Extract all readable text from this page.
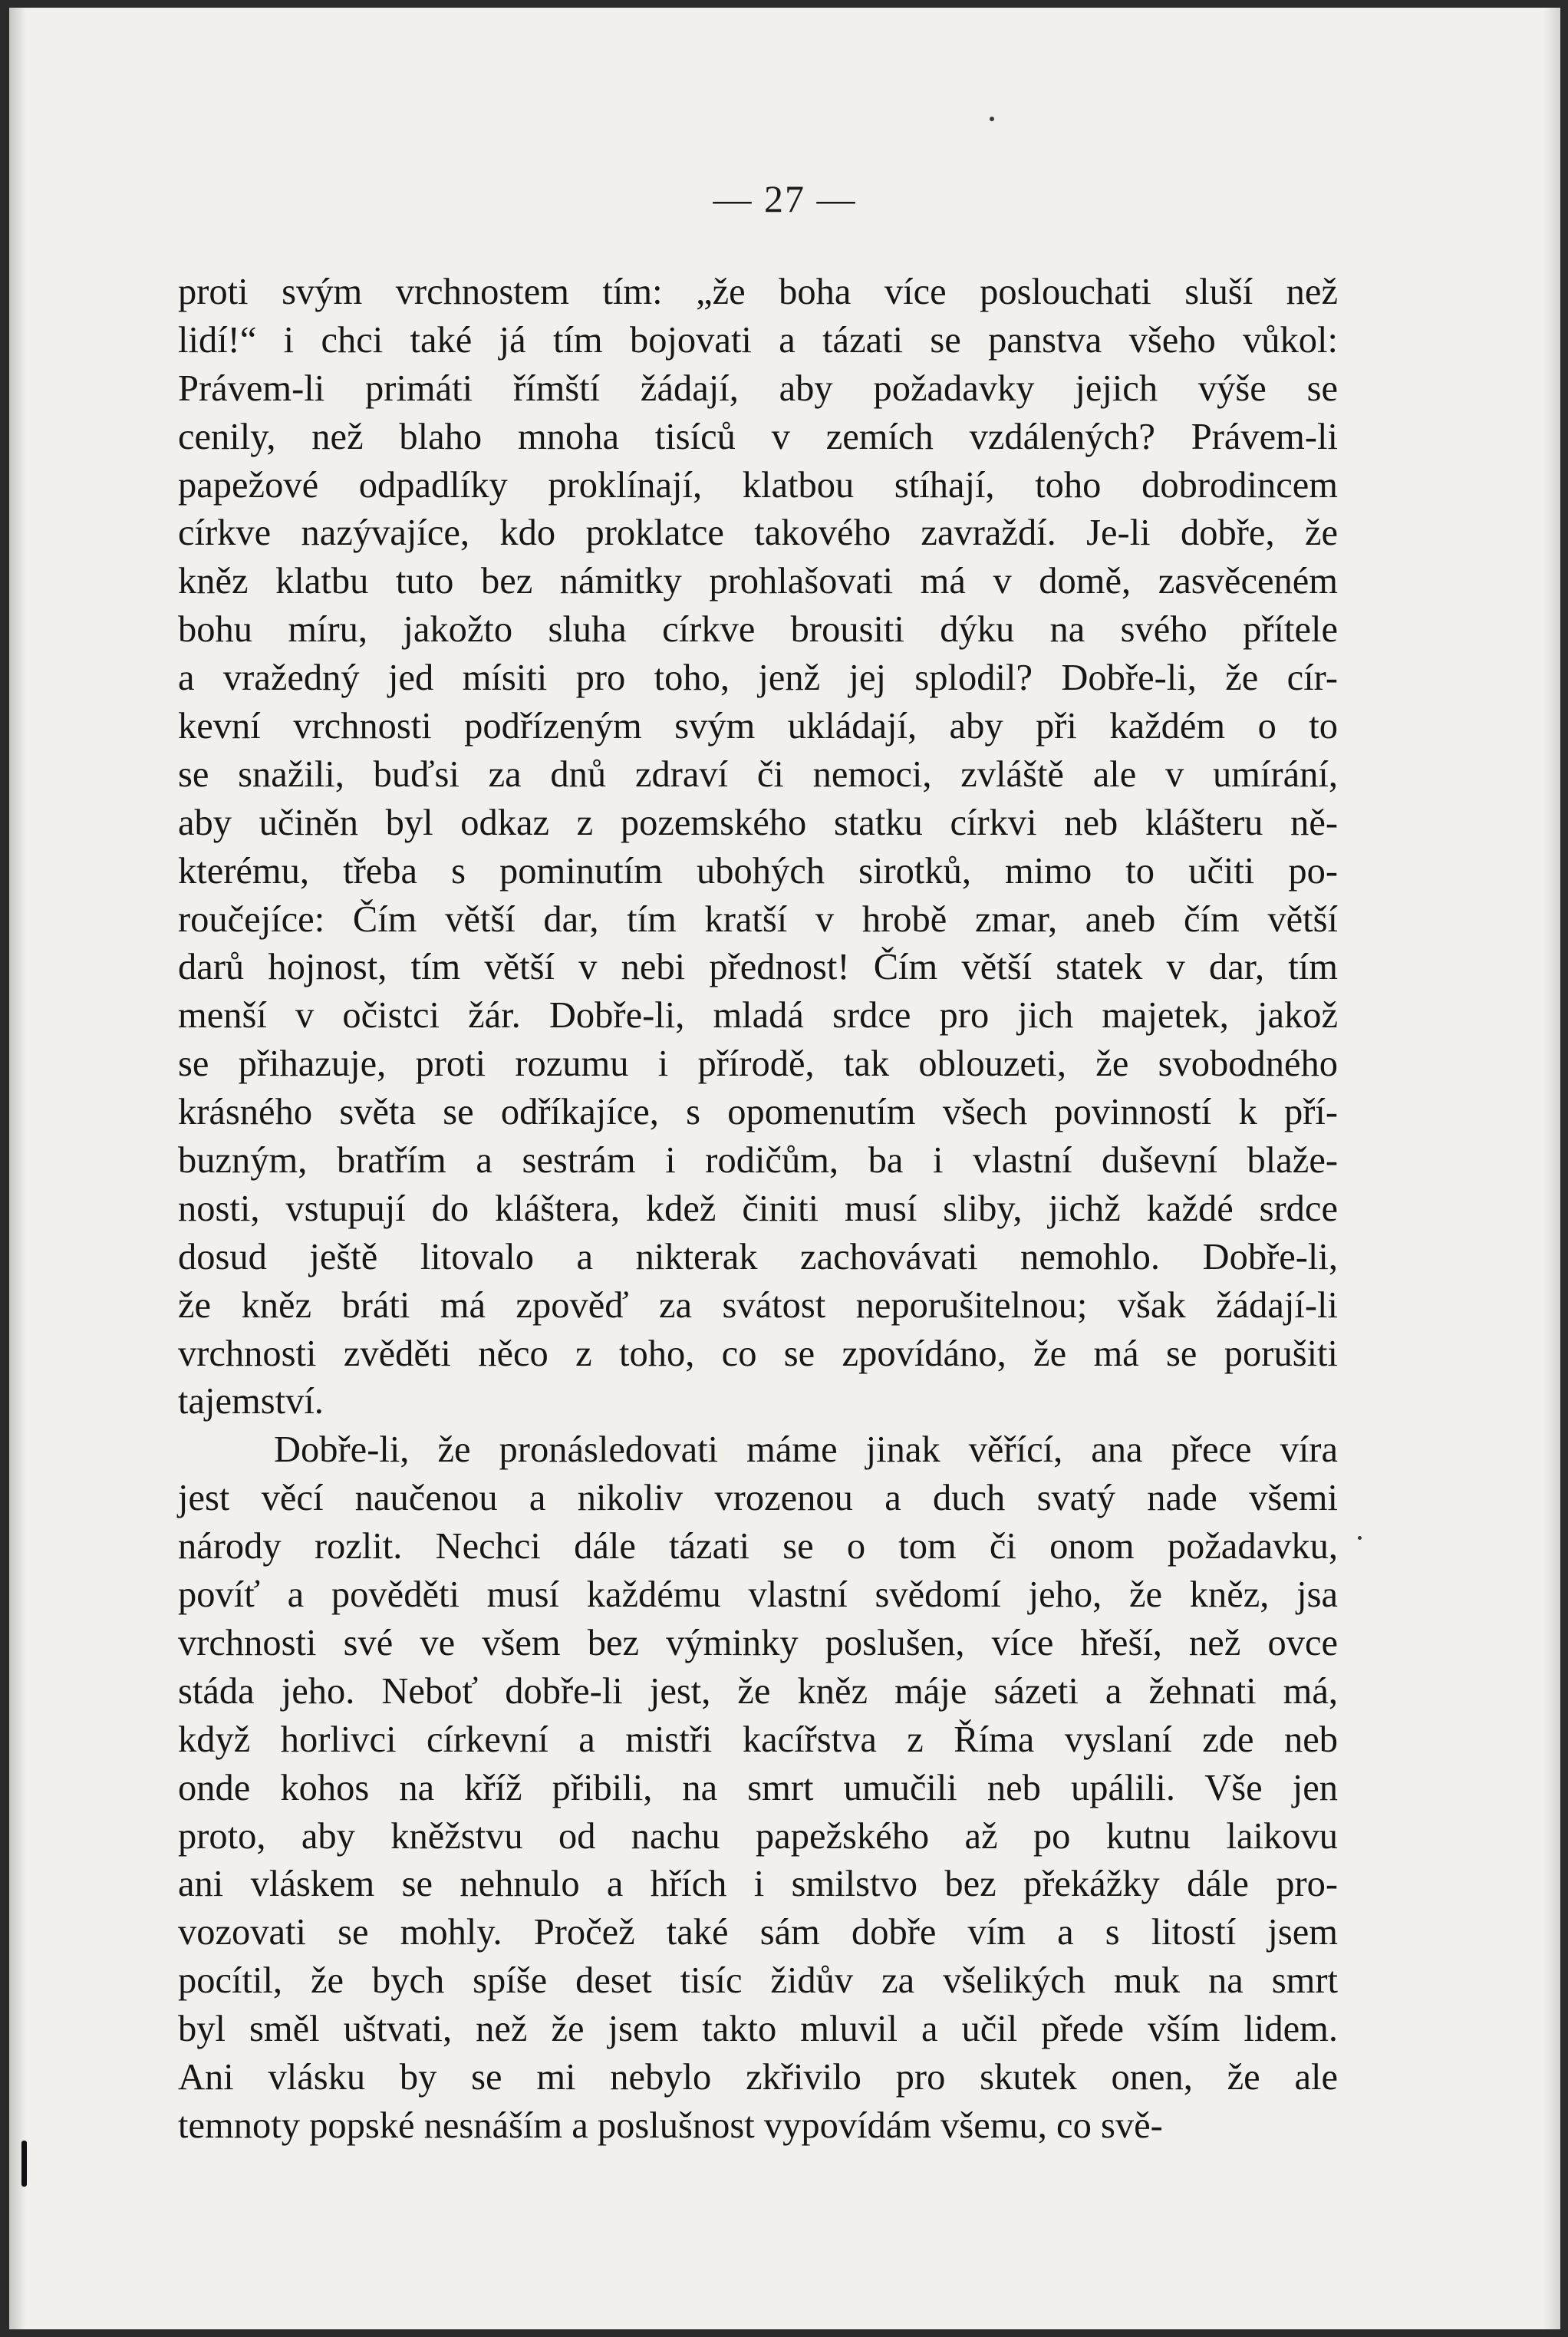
— 27 —
proti svým vrchnostem tím: „že boha více poslouchati sluší než
lidí!“ i chci také já tím bojovati a tázati se panstva všeho vůkol:
Právem-li primáti římští žádají, aby požadavky jejich výše se
cenily, než blaho mnoha tisíců v zemích vzdálených? Právem-li
papežové odpadlíky proklínají, klatbou stíhají, toho dobrodincem
církve nazývajíce, kdo proklatce takového zavraždí. Je-li dobře, že
kněz klatbu tuto bez námitky prohlašovati má v domě, zasvěceném
bohu míru, jakožto sluha církve brousiti dýku na svého přítele
a vražedný jed mísiti pro toho, jenž jej splodil? Dobře-li, že cír-
kevní vrchnosti podřízeným svým ukládají, aby při každém o to
se snažili, buďsi za dnů zdraví či nemoci, zvláště ale v umírání,
aby učiněn byl odkaz z pozemského statku církvi neb klášteru ně-
kterému, třeba s pominutím ubohých sirotků, mimo to učiti po-
roučejíce: Čím větší dar, tím kratší v hrobě zmar, aneb čím větší
darů hojnost, tím větší v nebi přednost! Čím větší statek v dar, tím
menší v očistci žár. Dobře-li, mladá srdce pro jich majetek, jakož
se přihazuje, proti rozumu i přírodě, tak oblouzeti, že svobodného
krásného světa se odříkajíce, s opomenutím všech povinností k pří-
buzným, bratřím a sestrám i rodičům, ba i vlastní duševní blaže-
nosti, vstupují do kláštera, kdež činiti musí sliby, jichž každé srdce
dosud ještě litovalo a nikterak zachovávati nemohlo. Dobře-li,
že kněz bráti má zpověď za svátost neporušitelnou; však žádají-li
vrchnosti zvěděti něco z toho, co se zpovídáno, že má se porušiti
tajemství.
Dobře-li, že pronásledovati máme jinak věřící, ana přece víra
jest věcí naučenou a nikoliv vrozenou a duch svatý nade všemi
národy rozlit. Nechci dále tázati se o tom či onom požadavku,
povíť a pověděti musí každému vlastní svědomí jeho, že kněz, jsa
vrchnosti své ve všem bez výminky poslušen, více hřeší, než ovce
stáda jeho. Neboť dobře-li jest, že kněz máje sázeti a žehnati má,
když horlivci církevní a mistři kacířstva z Říma vyslaní zde neb
onde kohos na kříž přibili, na smrt umučili neb upálili. Vše jen
proto, aby kněžstvu od nachu papežského až po kutnu laikovu
ani vláskem se nehnulo a hřích i smilstvo bez překážky dále pro-
vozovati se mohly. Pročež také sám dobře vím a s litostí jsem
pocítil, že bych spíše deset tisíc židův za všelikých muk na smrt
byl směl uštvati, než že jsem takto mluvil a učil přede vším lidem.
Ani vlásku by se mi nebylo zkřivilo pro skutek onen, že ale
temnoty popské nesnáším a poslušnost vypovídám všemu, co svě-
